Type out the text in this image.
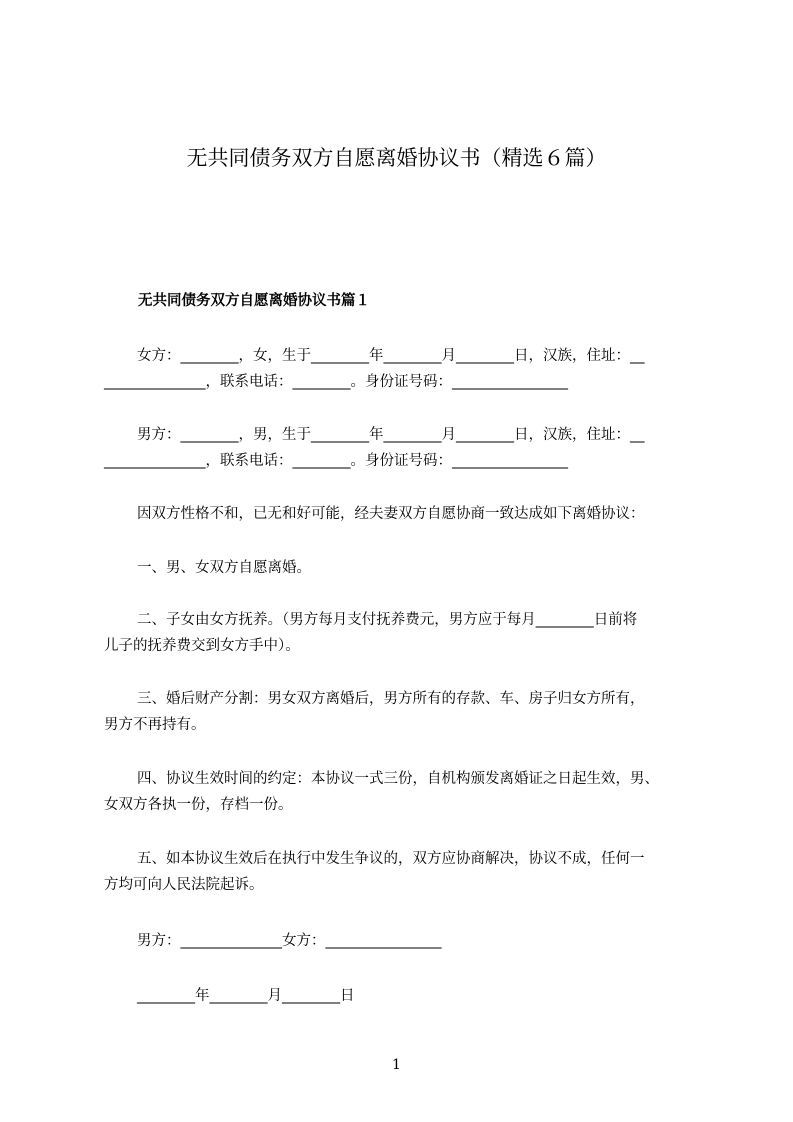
无共同债务双方自愿离婚协议书（精选６篇）
无共同债务双方自愿离婚协议书篇１
女方：________，女，生于________年________月________日，汉族，住址：__
______________，联系电话：________。身份证号码：________________
男方：________，男，生于________年________月________日，汉族，住址：__
______________，联系电话：________。身份证号码：________________
因双方性格不和，已无和好可能，经夫妻双方自愿协商一致达成如下离婚协议：
一、男、女双方自愿离婚。
二、子女由女方抚养。（男方每月支付抚养费元，男方应于每月________日前将
儿子的抚养费交到女方手中）。
三、婚后财产分割：男女双方离婚后，男方所有的存款、车、房子归女方所有，
男方不再持有。
四、协议生效时间的约定：本协议一式三份，自机构颁发离婚证之日起生效，男、
女双方各执一份，存档一份。
五、如本协议生效后在执行中发生争议的，双方应协商解决，协议不成，任何一
方均可向人民法院起诉。
男方：______________女方：________________
________年________月________日
1
